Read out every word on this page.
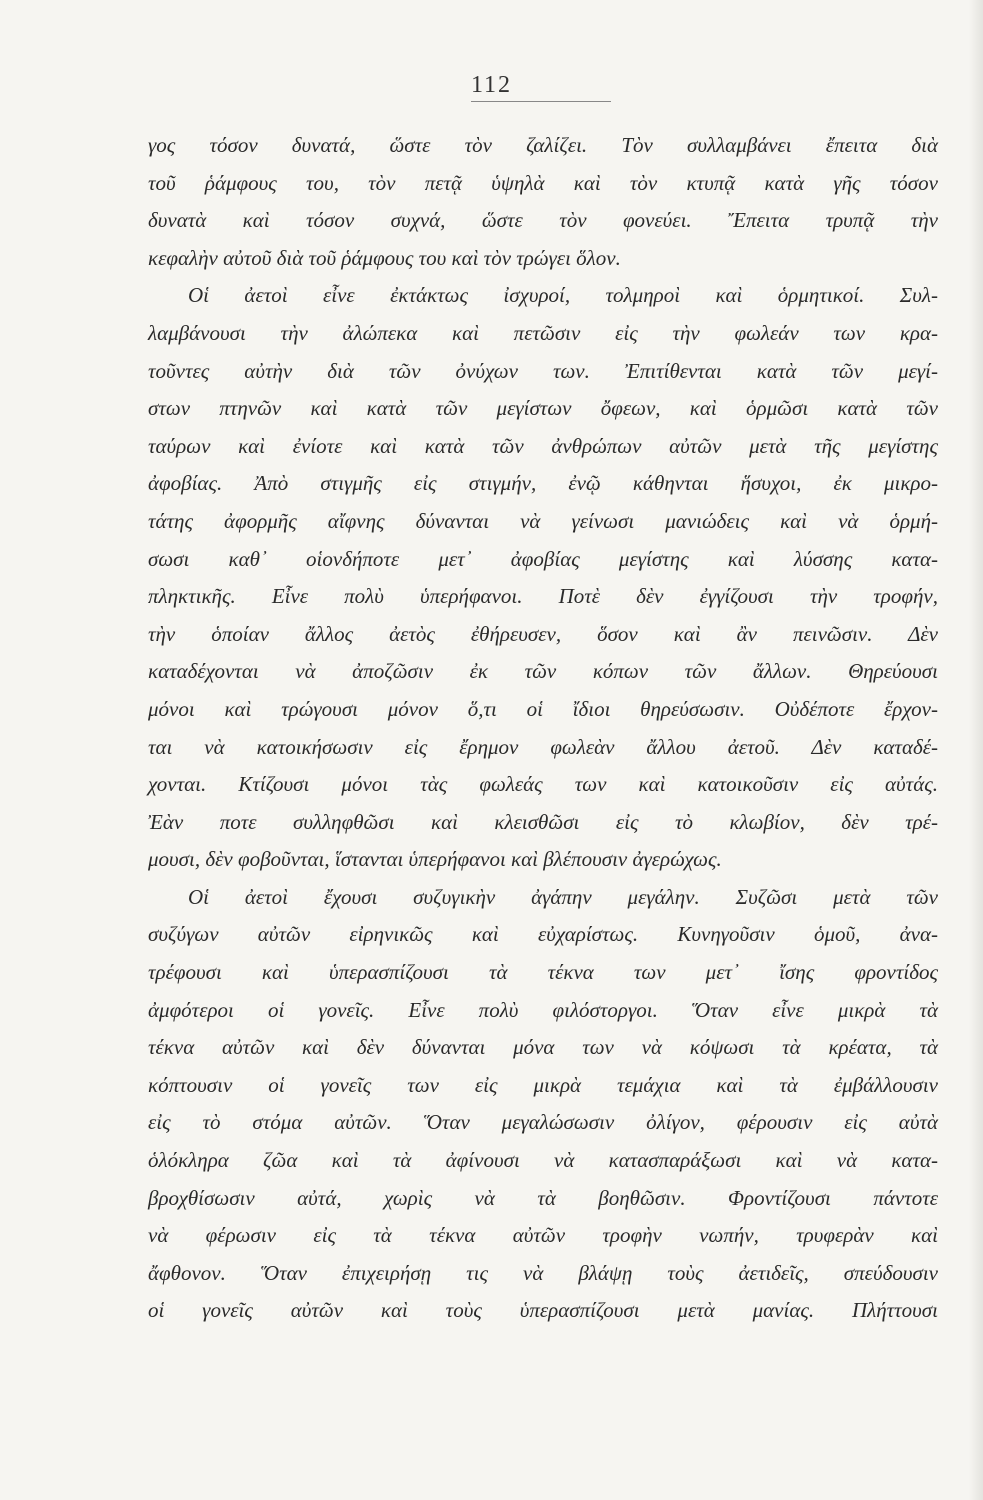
112
γος τόσον δυνατά, ὥστε τὸν ζαλίζει. Τὸν συλλαμβάνει ἔπειτα διὰ
τοῦ ῥάμφους του, τὸν πετᾷ ὑψηλὰ καὶ τὸν κτυπᾷ κατὰ γῆς τόσον
δυνατὰ καὶ τόσον συχνά, ὥστε τὸν φονεύει. Ἔπειτα τρυπᾷ τὴν
κεφαλὴν αὐτοῦ διὰ τοῦ ῥάμφους του καὶ τὸν τρώγει ὅλον.
Οἱ ἀετοὶ εἶνε ἐκτάκτως ἰσχυροί, τολμηροὶ καὶ ὁρμητικοί. Συλ-
λαμβάνουσι τὴν ἀλώπεκα καὶ πετῶσιν εἰς τὴν φωλεάν των κρα-
τοῦντες αὐτὴν διὰ τῶν ὀνύχων των. Ἐπιτίθενται κατὰ τῶν μεγί-
στων πτηνῶν καὶ κατὰ τῶν μεγίστων ὄφεων, καὶ ὁρμῶσι κατὰ τῶν
ταύρων καὶ ἐνίοτε καὶ κατὰ τῶν ἀνθρώπων αὐτῶν μετὰ τῆς μεγίστης
ἀφοβίας. Ἀπὸ στιγμῆς εἰς στιγμήν, ἐνῷ κάθηνται ἥσυχοι, ἐκ μικρο-
τάτης ἀφορμῆς αἴφνης δύνανται νὰ γείνωσι μανιώδεις καὶ νὰ ὁρμή-
σωσι καθ᾽ οἱονδήποτε μετ᾽ ἀφοβίας μεγίστης καὶ λύσσης κατα-
πληκτικῆς. Εἶνε πολὺ ὑπερήφανοι. Ποτὲ δὲν ἐγγίζουσι τὴν τροφήν,
τὴν ὁποίαν ἄλλος ἀετὸς ἐθήρευσεν, ὅσον καὶ ἂν πεινῶσιν. Δὲν
καταδέχονται νὰ ἀποζῶσιν ἐκ τῶν κόπων τῶν ἄλλων. Θηρεύουσι
μόνοι καὶ τρώγουσι μόνον ὅ,τι οἱ ἴδιοι θηρεύσωσιν. Οὐδέποτε ἔρχον-
ται νὰ κατοικήσωσιν εἰς ἔρημον φωλεὰν ἄλλου ἀετοῦ. Δὲν καταδέ-
χονται. Κτίζουσι μόνοι τὰς φωλεάς των καὶ κατοικοῦσιν εἰς αὐτάς.
Ἐὰν ποτε συλληφθῶσι καὶ κλεισθῶσι εἰς τὸ κλωβίον, δὲν τρέ-
μουσι, δὲν φοβοῦνται, ἵστανται ὑπερήφανοι καὶ βλέπουσιν ἀγερώχως.
Οἱ ἀετοὶ ἔχουσι συζυγικὴν ἀγάπην μεγάλην. Συζῶσι μετὰ τῶν
συζύγων αὐτῶν εἰρηνικῶς καὶ εὐχαρίστως. Κυνηγοῦσιν ὁμοῦ, ἀνα-
τρέφουσι καὶ ὑπερασπίζουσι τὰ τέκνα των μετ᾽ ἴσης φροντίδος
ἀμφότεροι οἱ γονεῖς. Εἶνε πολὺ φιλόστοργοι. Ὅταν εἶνε μικρὰ τὰ
τέκνα αὐτῶν καὶ δὲν δύνανται μόνα των νὰ κόψωσι τὰ κρέατα, τὰ
κόπτουσιν οἱ γονεῖς των εἰς μικρὰ τεμάχια καὶ τὰ ἐμβάλλουσιν
εἰς τὸ στόμα αὐτῶν. Ὅταν μεγαλώσωσιν ὀλίγον, φέρουσιν εἰς αὐτὰ
ὁλόκληρα ζῶα καὶ τὰ ἀφίνουσι νὰ κατασπαράξωσι καὶ νὰ κατα-
βροχθίσωσιν αὐτά, χωρὶς νὰ τὰ βοηθῶσιν. Φροντίζουσι πάντοτε
νὰ φέρωσιν εἰς τὰ τέκνα αὐτῶν τροφὴν νωπήν, τρυφερὰν καὶ
ἄφθονον. Ὅταν ἐπιχειρήσῃ τις νὰ βλάψῃ τοὺς ἀετιδεῖς, σπεύδουσιν
οἱ γονεῖς αὐτῶν καὶ τοὺς ὑπερασπίζουσι μετὰ μανίας. Πλήττουσι
